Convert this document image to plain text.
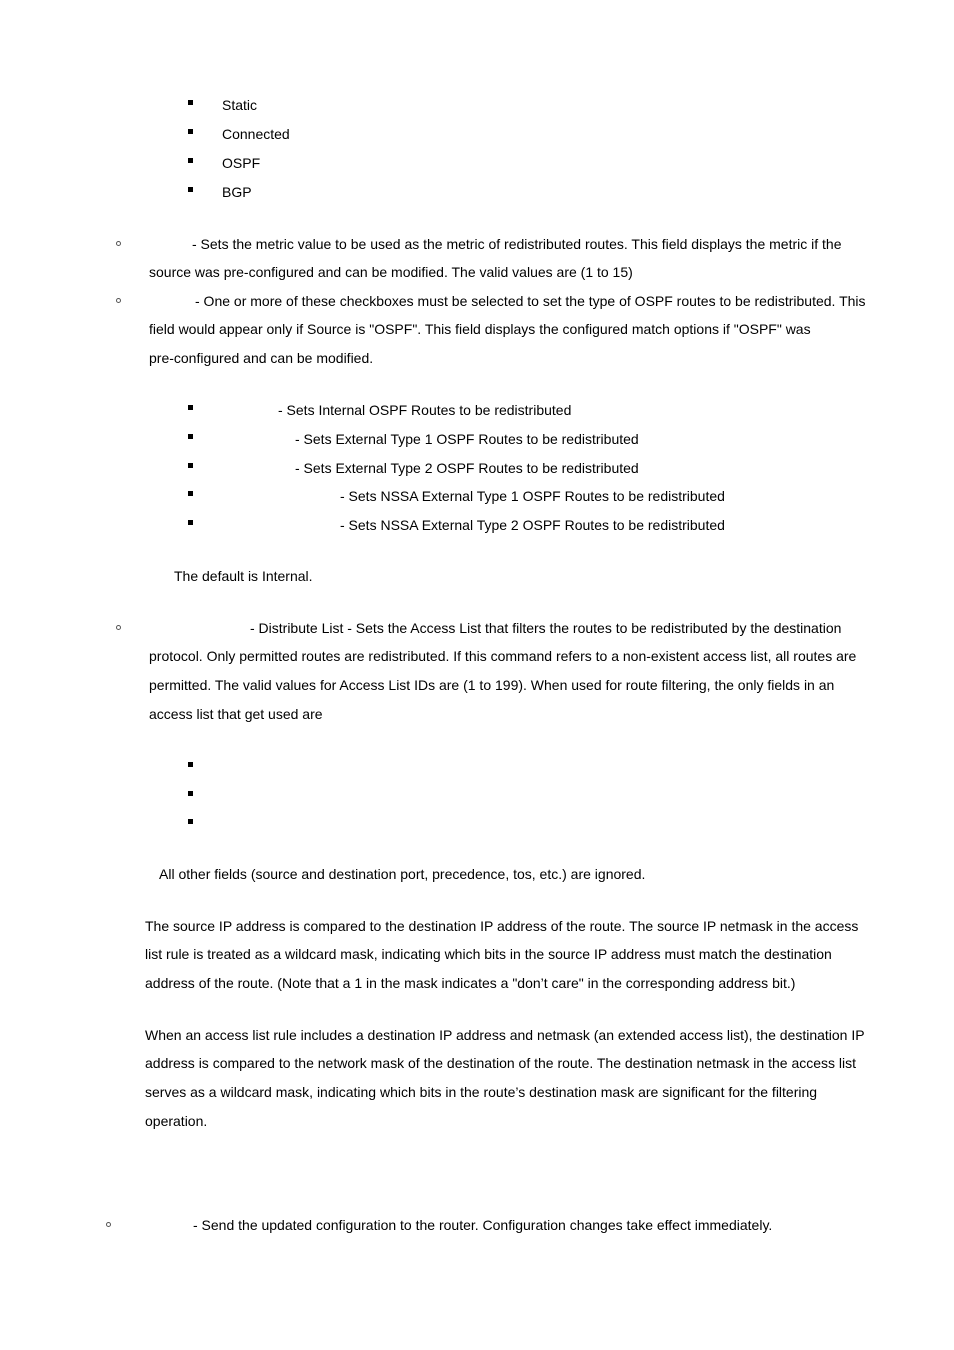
Static
Connected
OSPF
BGP
- Sets the metric value to be used as the metric of redistributed routes. This field displays the metric if the
source was pre-configured and can be modified. The valid values are (1 to 15)
- One or more of these checkboxes must be selected to set the type of OSPF routes to be redistributed. This
field would appear only if Source is "OSPF". This field displays the configured match options if "OSPF" was
pre-configured and can be modified.
- Sets Internal OSPF Routes to be redistributed
- Sets External Type 1 OSPF Routes to be redistributed
- Sets External Type 2 OSPF Routes to be redistributed
- Sets NSSA External Type 1 OSPF Routes to be redistributed
- Sets NSSA External Type 2 OSPF Routes to be redistributed
The default is Internal.
- Distribute List - Sets the Access List that filters the routes to be redistributed by the destination
protocol. Only permitted routes are redistributed. If this command refers to a non-existent access list, all routes are
permitted. The valid values for Access List IDs are (1 to 199). When used for route filtering, the only fields in an
access list that get used are
All other fields (source and destination port, precedence, tos, etc.) are ignored.
The source IP address is compared to the destination IP address of the route. The source IP netmask in the access
list rule is treated as a wildcard mask, indicating which bits in the source IP address must match the destination
address of the route. (Note that a 1 in the mask indicates a "don’t care" in the corresponding address bit.)
When an access list rule includes a destination IP address and netmask (an extended access list), the destination IP
address is compared to the network mask of the destination of the route. The destination netmask in the access list
serves as a wildcard mask, indicating which bits in the route’s destination mask are significant for the filtering
operation.
- Send the updated configuration to the router. Configuration changes take effect immediately.
